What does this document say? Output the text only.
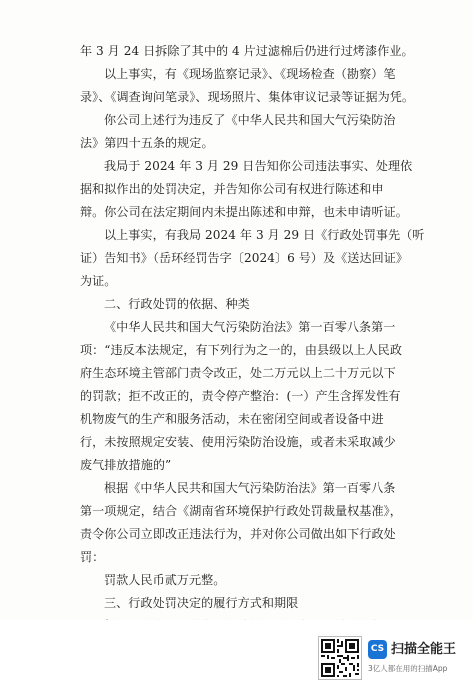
年 3 月 24 日拆除了其中的 4 片过滤棉后仍进行过烤漆作业。
以上事实，有《现场监察记录》、《现场检查（勘察）笔
录》、《调查询问笔录》、现场照片、集体审议记录等证据为凭。
你公司上述行为违反了《中华人民共和国大气污染防治
法》第四十五条的规定。
我局于 2024 年 3 月 29 日告知你公司违法事实、处理依
据和拟作出的处罚决定，并告知你公司有权进行陈述和申
辩。你公司在法定期间内未提出陈述和申辩，也未申请听证。
以上事实，有我局 2024 年 3 月 29 日《行政处罚事先（听
证）告知书》（岳环经罚告字〔2024〕6 号）及《送达回证》
为证。
二、行政处罚的依据、种类
《中华人民共和国大气污染防治法》第一百零八条第一
项：“违反本法规定，有下列行为之一的，由县级以上人民政
府生态环境主管部门责令改正，处二万元以上二十万元以下
的罚款；拒不改正的，责令停产整治：(一）产生含挥发性有
机物废气的生产和服务活动，未在密闭空间或者设备中进
行，未按照规定安装、使用污染防治设施，或者未采取减少
废气排放措施的”
根据《中华人民共和国大气污染防治法》第一百零八条
第一项规定，结合《湖南省环境保护行政处罚裁量权基准》，
责令你公司立即改正违法行为，并对你公司做出如下行政处
罚：
罚款人民币贰万元整。
三、行政处罚决定的履行方式和期限
CS 扫描全能王
3亿人都在用的扫描App
